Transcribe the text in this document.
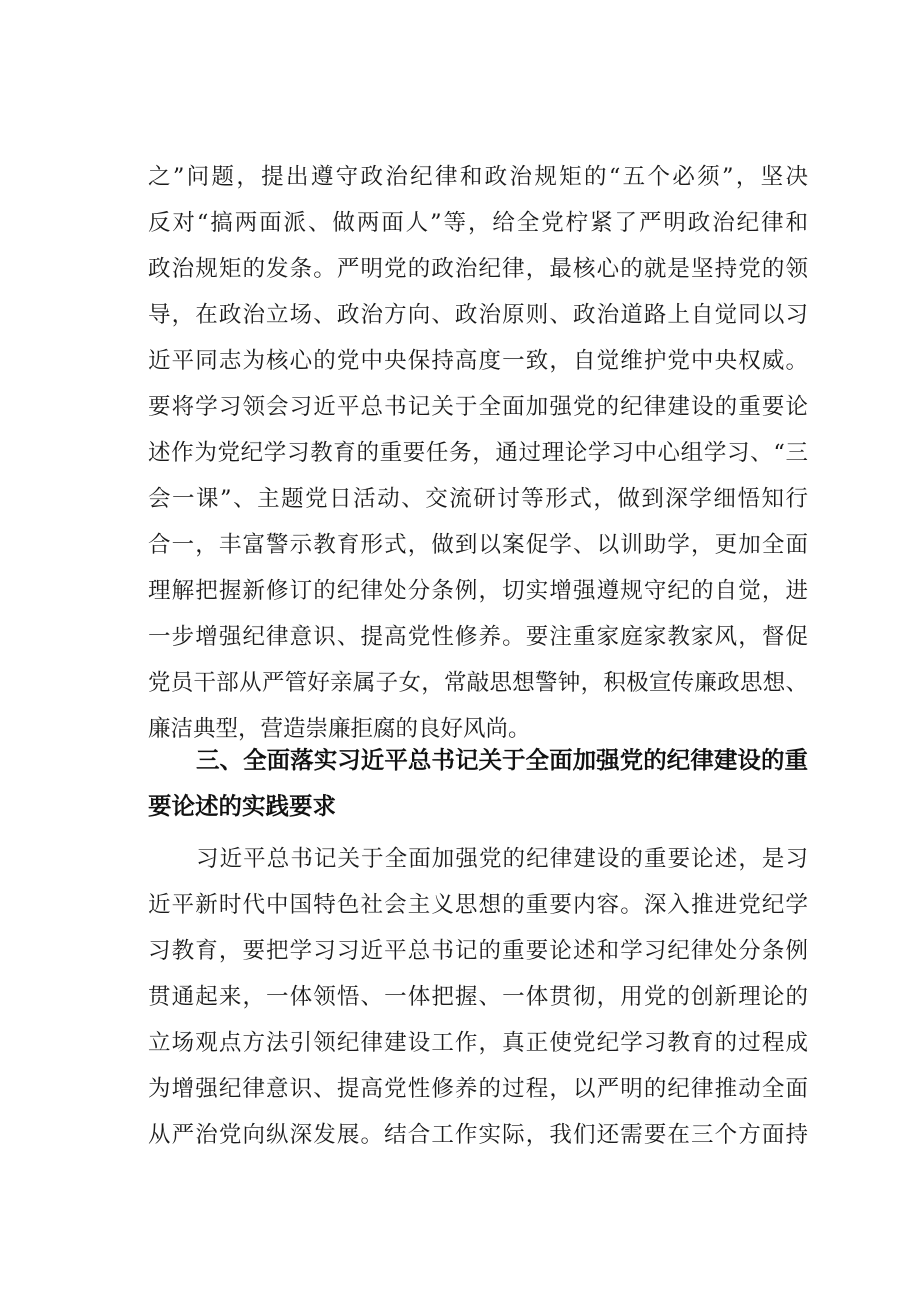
之”问题，提出遵守政治纪律和政治规矩的“五个必须”，坚决
反对“搞两面派、做两面人”等，给全党柠紧了严明政治纪律和
政治规矩的发条。严明党的政治纪律，最核心的就是坚持党的领
导，在政治立场、政治方向、政治原则、政治道路上自觉同以习
近平同志为核心的党中央保持高度一致，自觉维护党中央权威。
要将学习领会习近平总书记关于全面加强党的纪律建设的重要论
述作为党纪学习教育的重要任务，通过理论学习中心组学习、“三
会一课”、主题党日活动、交流研讨等形式，做到深学细悟知行
合一，丰富警示教育形式，做到以案促学、以训助学，更加全面
理解把握新修订的纪律处分条例，切实增强遵规守纪的自觉，进
一步增强纪律意识、提高党性修养。要注重家庭家教家风，督促
党员干部从严管好亲属子女，常敲思想警钟，积极宣传廉政思想、
廉洁典型，营造崇廉拒腐的良好风尚。
三、全面落实习近平总书记关于全面加强党的纪律建设的重
要论述的实践要求
习近平总书记关于全面加强党的纪律建设的重要论述，是习
近平新时代中国特色社会主义思想的重要内容。深入推进党纪学
习教育，要把学习习近平总书记的重要论述和学习纪律处分条例
贯通起来，一体领悟、一体把握、一体贯彻，用党的创新理论的
立场观点方法引领纪律建设工作，真正使党纪学习教育的过程成
为增强纪律意识、提高党性修养的过程，以严明的纪律推动全面
从严治党向纵深发展。结合工作实际，我们还需要在三个方面持
